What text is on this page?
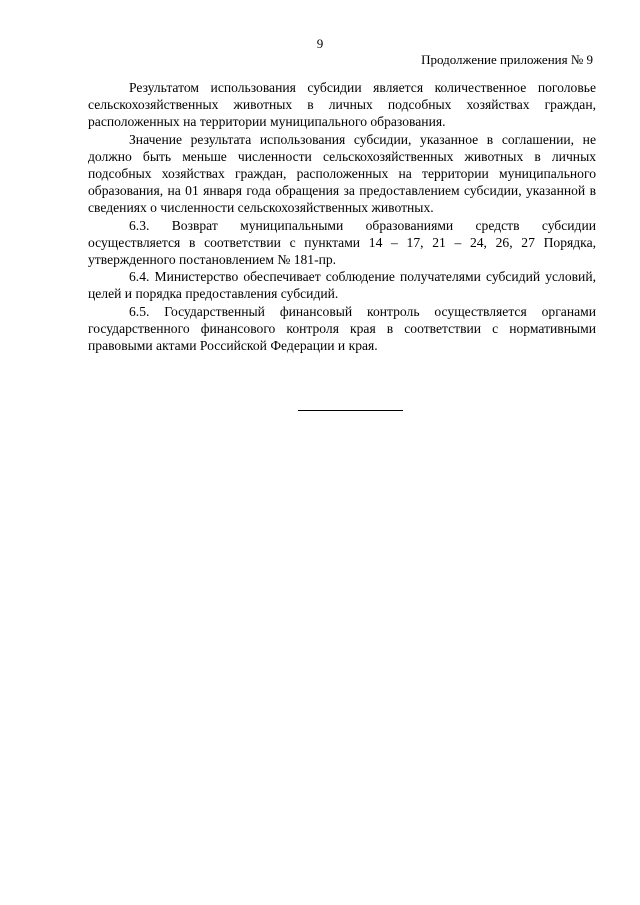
9
Продолжение приложения № 9

Результатом использования субсидии является количественное поголовье сельскохозяйственных животных в личных подсобных хозяйствах граждан, расположенных на территории муниципального образования.

Значение результата использования субсидии, указанное в соглашении, не должно быть меньше численности сельскохозяйственных животных в личных подсобных хозяйствах граждан, расположенных на территории муниципального образования, на 01 января года обращения за предоставлением субсидии, указанной в сведениях о численности сельскохозяйственных животных.

6.3. Возврат муниципальными образованиями средств субсидии осуществляется в соответствии с пунктами 14 – 17, 21 – 24, 26, 27 Порядка, утвержденного постановлением № 181-пр.

6.4. Министерство обеспечивает соблюдение получателями субсидий условий, целей и порядка предоставления субсидий.

6.5. Государственный финансовый контроль осуществляется органами государственного финансового контроля края в соответствии с нормативными правовыми актами Российской Федерации и края.
